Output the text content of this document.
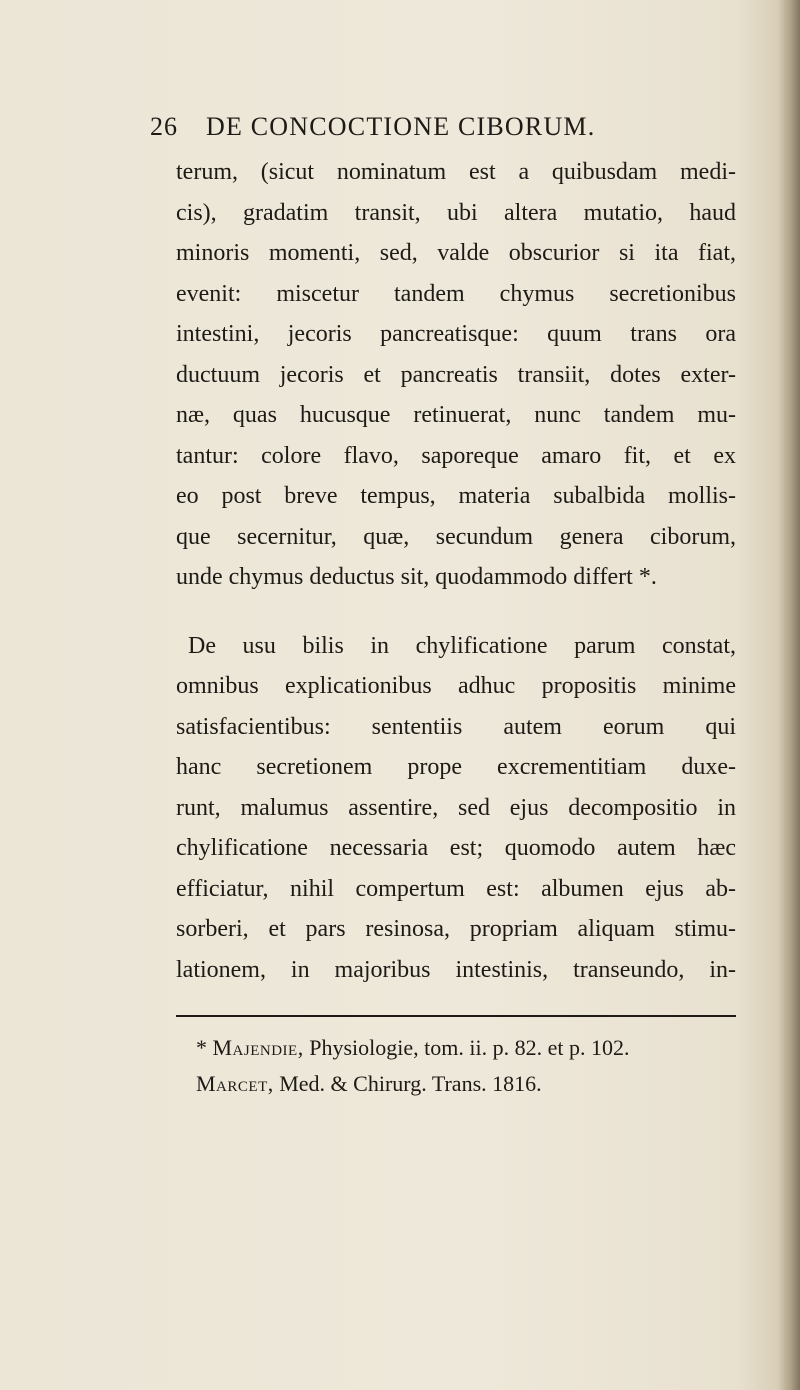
26 DE CONCOCTIONE CIBORUM.
terum, (sicut nominatum est a quibusdam medi-
cis), gradatim transit, ubi altera mutatio, haud
minoris momenti, sed, valde obscurior si ita fiat,
evenit: miscetur tandem chymus secretionibus
intestini, jecoris pancreatisque: quum trans ora
ductuum jecoris et pancreatis transiit, dotes exter-
næ, quas hucusque retinuerat, nunc tandem mu-
tantur: colore flavo, saporeque amaro fit, et ex
eo post breve tempus, materia subalbida mollis-
que secernitur, quæ, secundum genera ciborum,
unde chymus deductus sit, quodammodo differt *.
De usu bilis in chylificatione parum constat,
omnibus explicationibus adhuc propositis minime
satisfacientibus: sententiis autem eorum qui
hanc secretionem prope excrementitiam duxe-
runt, malumus assentire, sed ejus decompositio in
chylificatione necessaria est; quomodo autem hæc
efficiatur, nihil compertum est: albumen ejus ab-
sorberi, et pars resinosa, propriam aliquam stimu-
lationem, in majoribus intestinis, transeundo, in-
* Majendie, Physiologie, tom. ii. p. 82. et p. 102.
Marcet, Med. & Chirurg. Trans. 1816.
